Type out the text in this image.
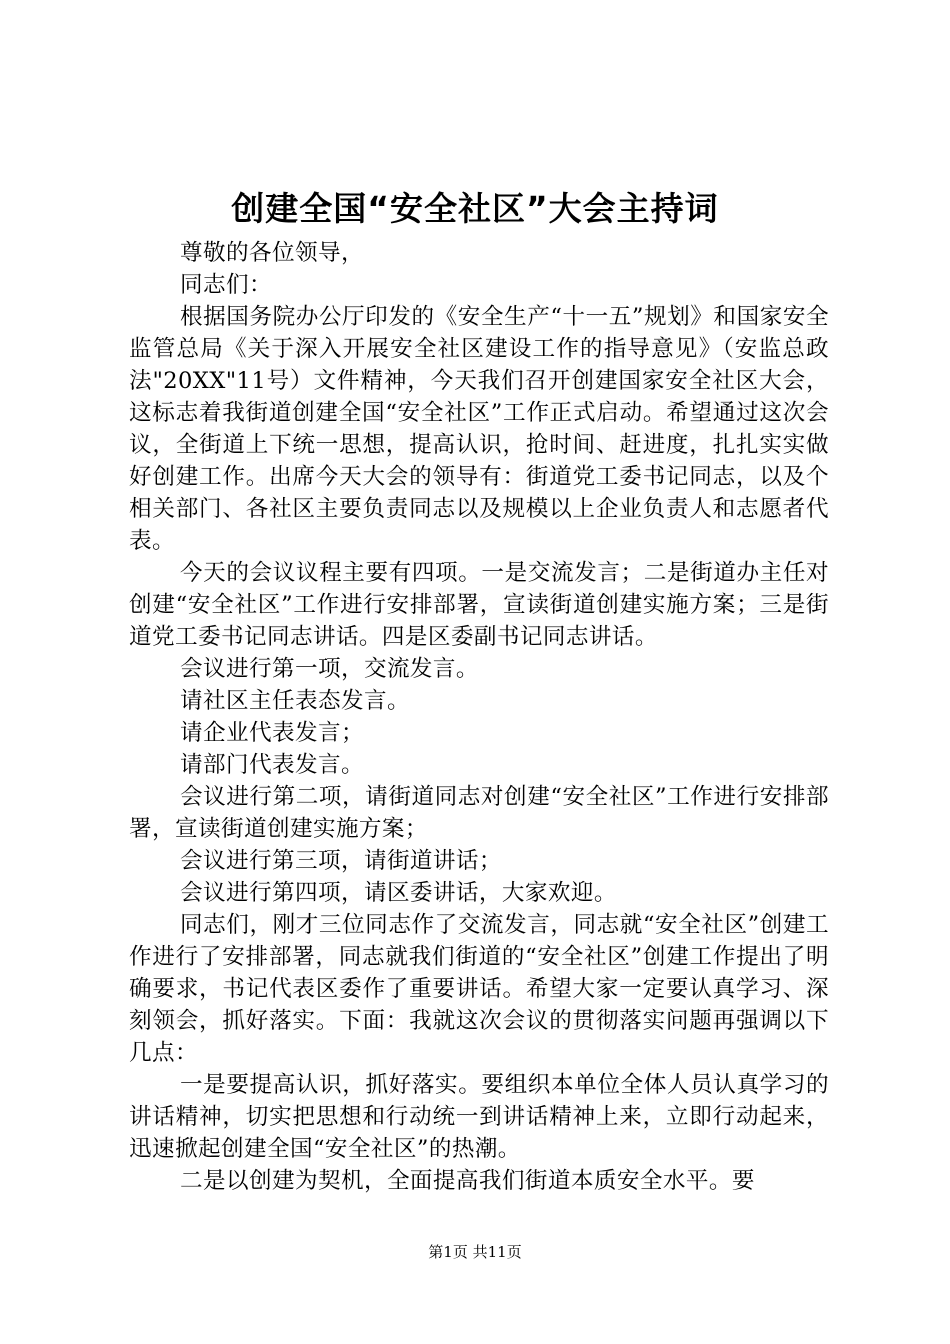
创建全国“安全社区”大会主持词

尊敬的各位领导，

同志们：

根据国务院办公厅印发的《安全生产“十一五”规划》和国家安全监管总局《关于深入开展安全社区建设工作的指导意见》（安监总政法"20XX"11号）文件精神，今天我们召开创建国家安全社区大会，这标志着我街道创建全国“安全社区”工作正式启动。希望通过这次会议，全街道上下统一思想，提高认识，抢时间、赶进度，扎扎实实做好创建工作。出席今天大会的领导有：街道党工委书记同志，以及个相关部门、各社区主要负责同志以及规模以上企业负责人和志愿者代表。

今天的会议议程主要有四项。一是交流发言；二是街道办主任对创建“安全社区”工作进行安排部署，宣读街道创建实施方案；三是街道党工委书记同志讲话。四是区委副书记同志讲话。

会议进行第一项，交流发言。

请社区主任表态发言。

请企业代表发言；

请部门代表发言。

会议进行第二项，请街道同志对创建“安全社区”工作进行安排部署，宣读街道创建实施方案；

会议进行第三项，请街道讲话；

会议进行第四项，请区委讲话，大家欢迎。

同志们，刚才三位同志作了交流发言，同志就“安全社区”创建工作进行了安排部署，同志就我们街道的“安全社区”创建工作提出了明确要求，书记代表区委作了重要讲话。希望大家一定要认真学习、深刻领会，抓好落实。下面：我就这次会议的贯彻落实问题再强调以下几点：

一是要提高认识，抓好落实。要组织本单位全体人员认真学习的讲话精神，切实把思想和行动统一到讲话精神上来，立即行动起来，迅速掀起创建全国“安全社区”的热潮。

二是以创建为契机，全面提高我们街道本质安全水平。要

第1页 共11页
